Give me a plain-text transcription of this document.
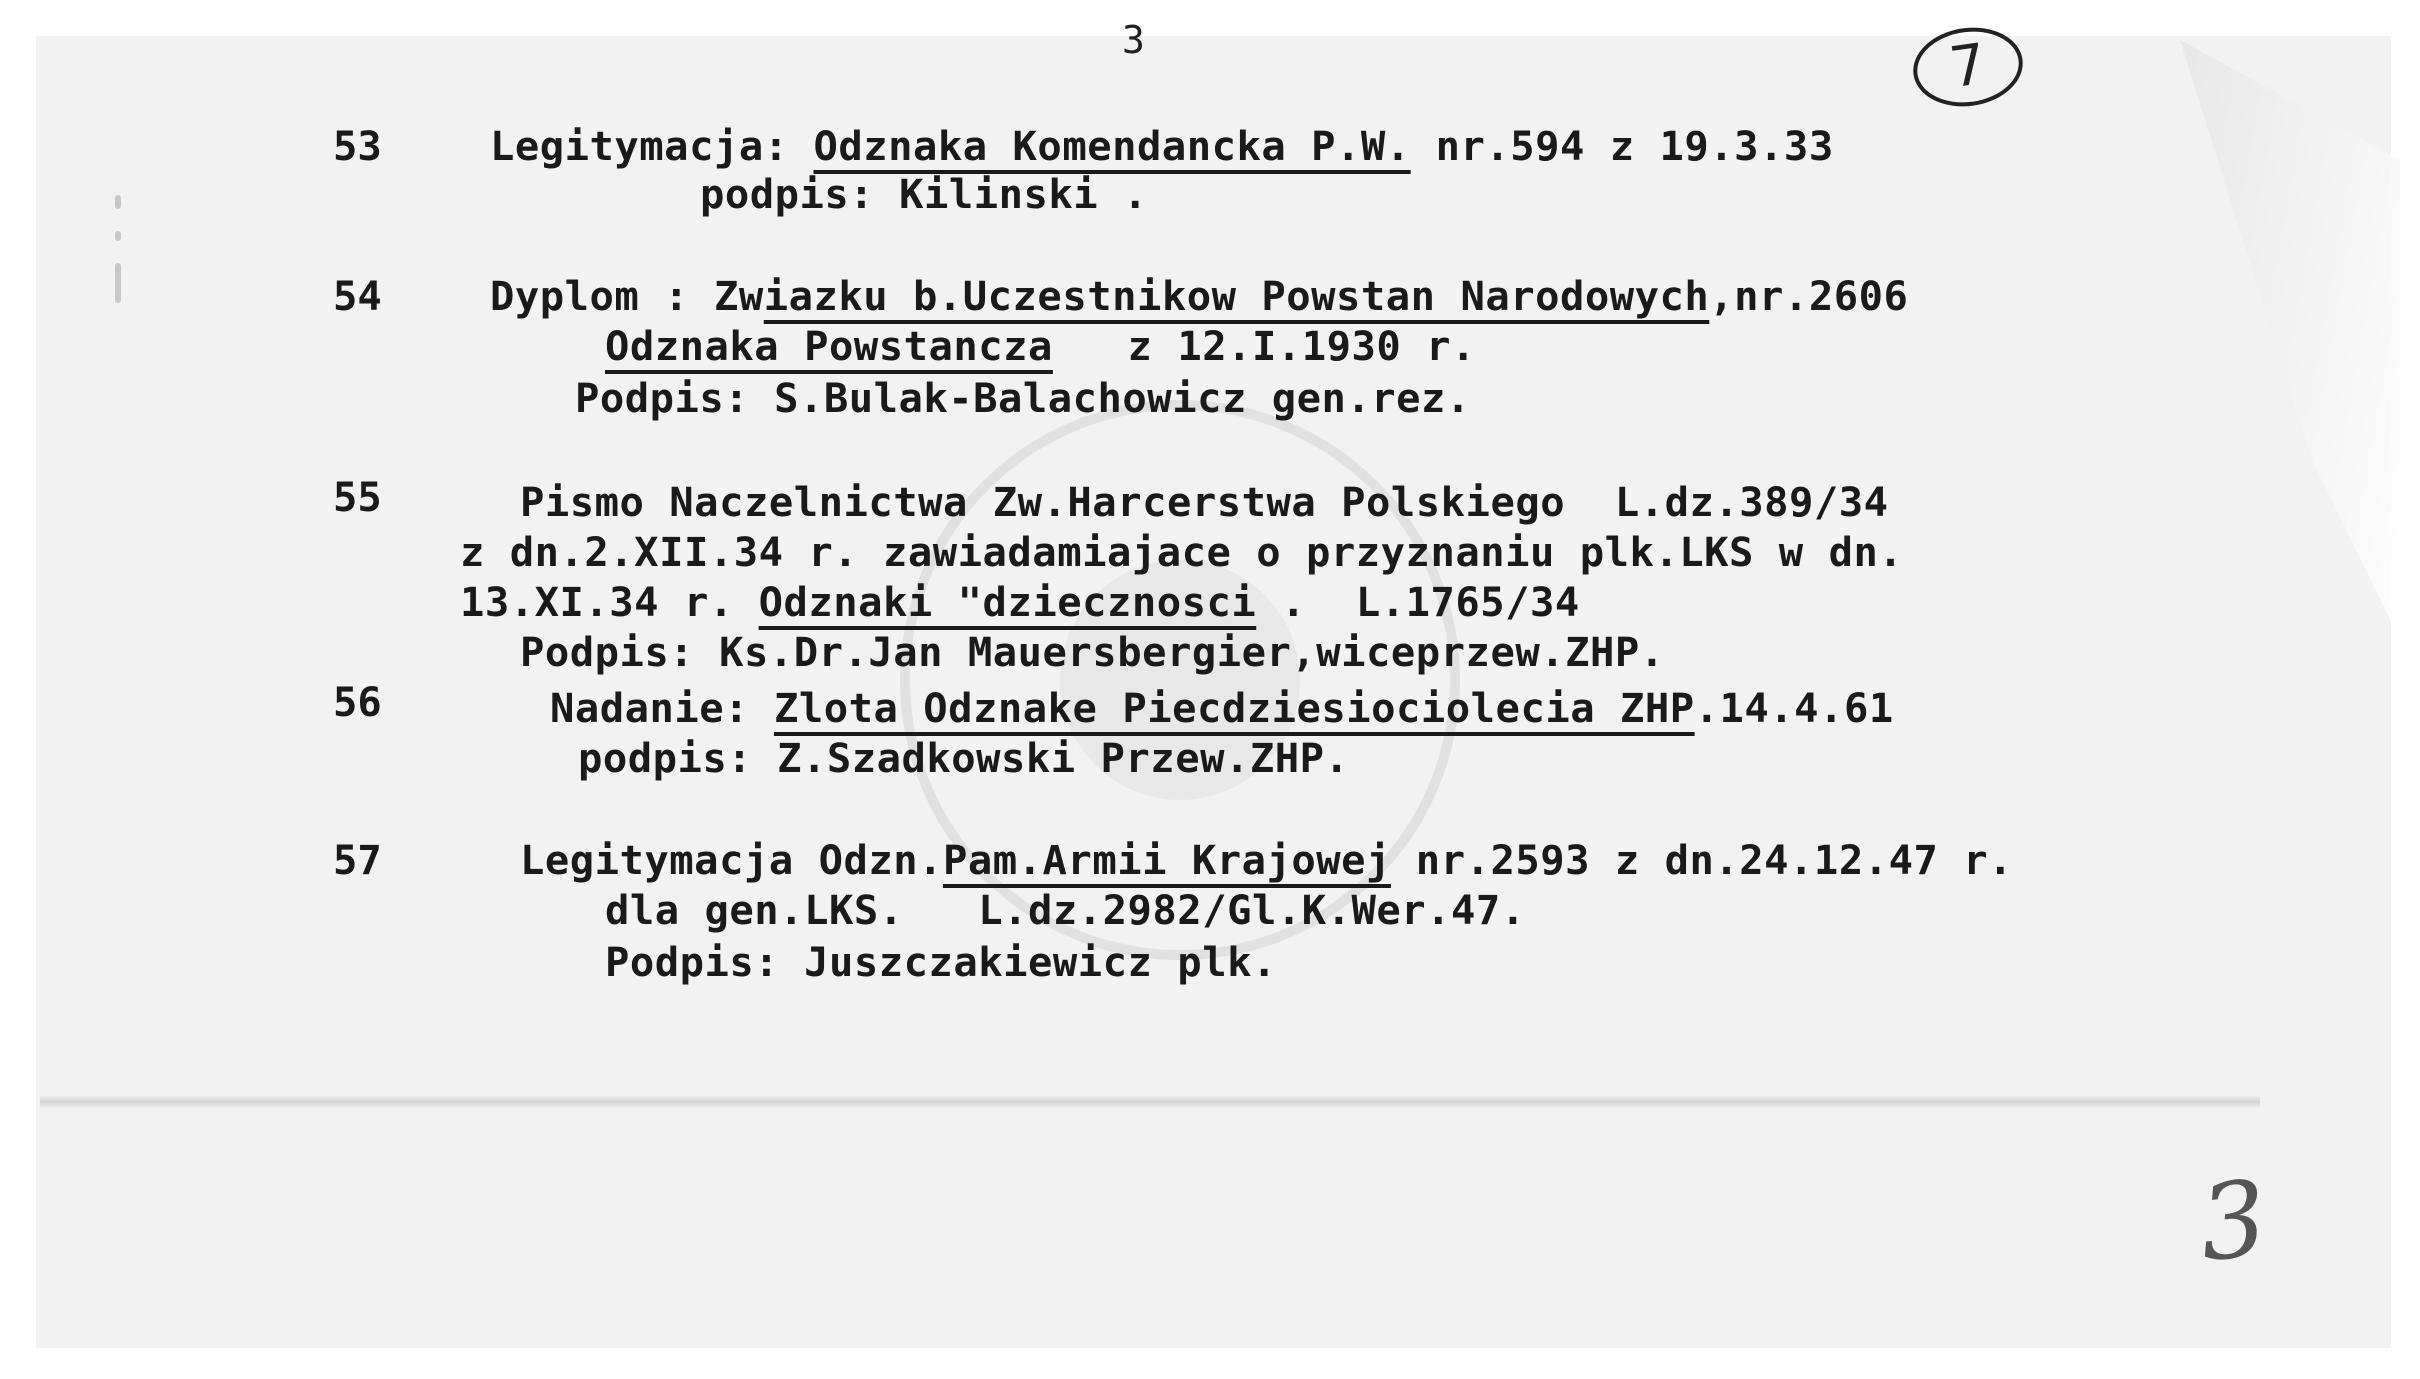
3	7
3
53	Legitymacja: Odznaka Komendancka P.W. nr.594 z 19.3.33
podpis: Kilinski .
54	Dyplom : Zwiazku b.Uczestnikow Powstan Narodowych,nr.2606
Odznaka Powstancza   z 12.I.1930 r.
Podpis: S.Bulak-Balachowicz gen.rez.
55	Pismo Naczelnictwa Zw.Harcerstwa Polskiego  L.dz.389/34
z dn.2.XII.34 r. zawiadamiajace o przyznaniu plk.LKS w dn.
13.XI.34 r. Odznaki "dziecznosci .  L.1765/34
Podpis: Ks.Dr.Jan Mauersbergier,wiceprzew.ZHP.
56	Nadanie: Zlota Odznake Piecdziesiociolecia ZHP.14.4.61
podpis: Z.Szadkowski Przew.ZHP.
57	Legitymacja Odzn.Pam.Armii Krajowej nr.2593 z dn.24.12.47 r.
dla gen.LKS.   L.dz.2982/Gl.K.Wer.47.
Podpis: Juszczakiewicz plk.
